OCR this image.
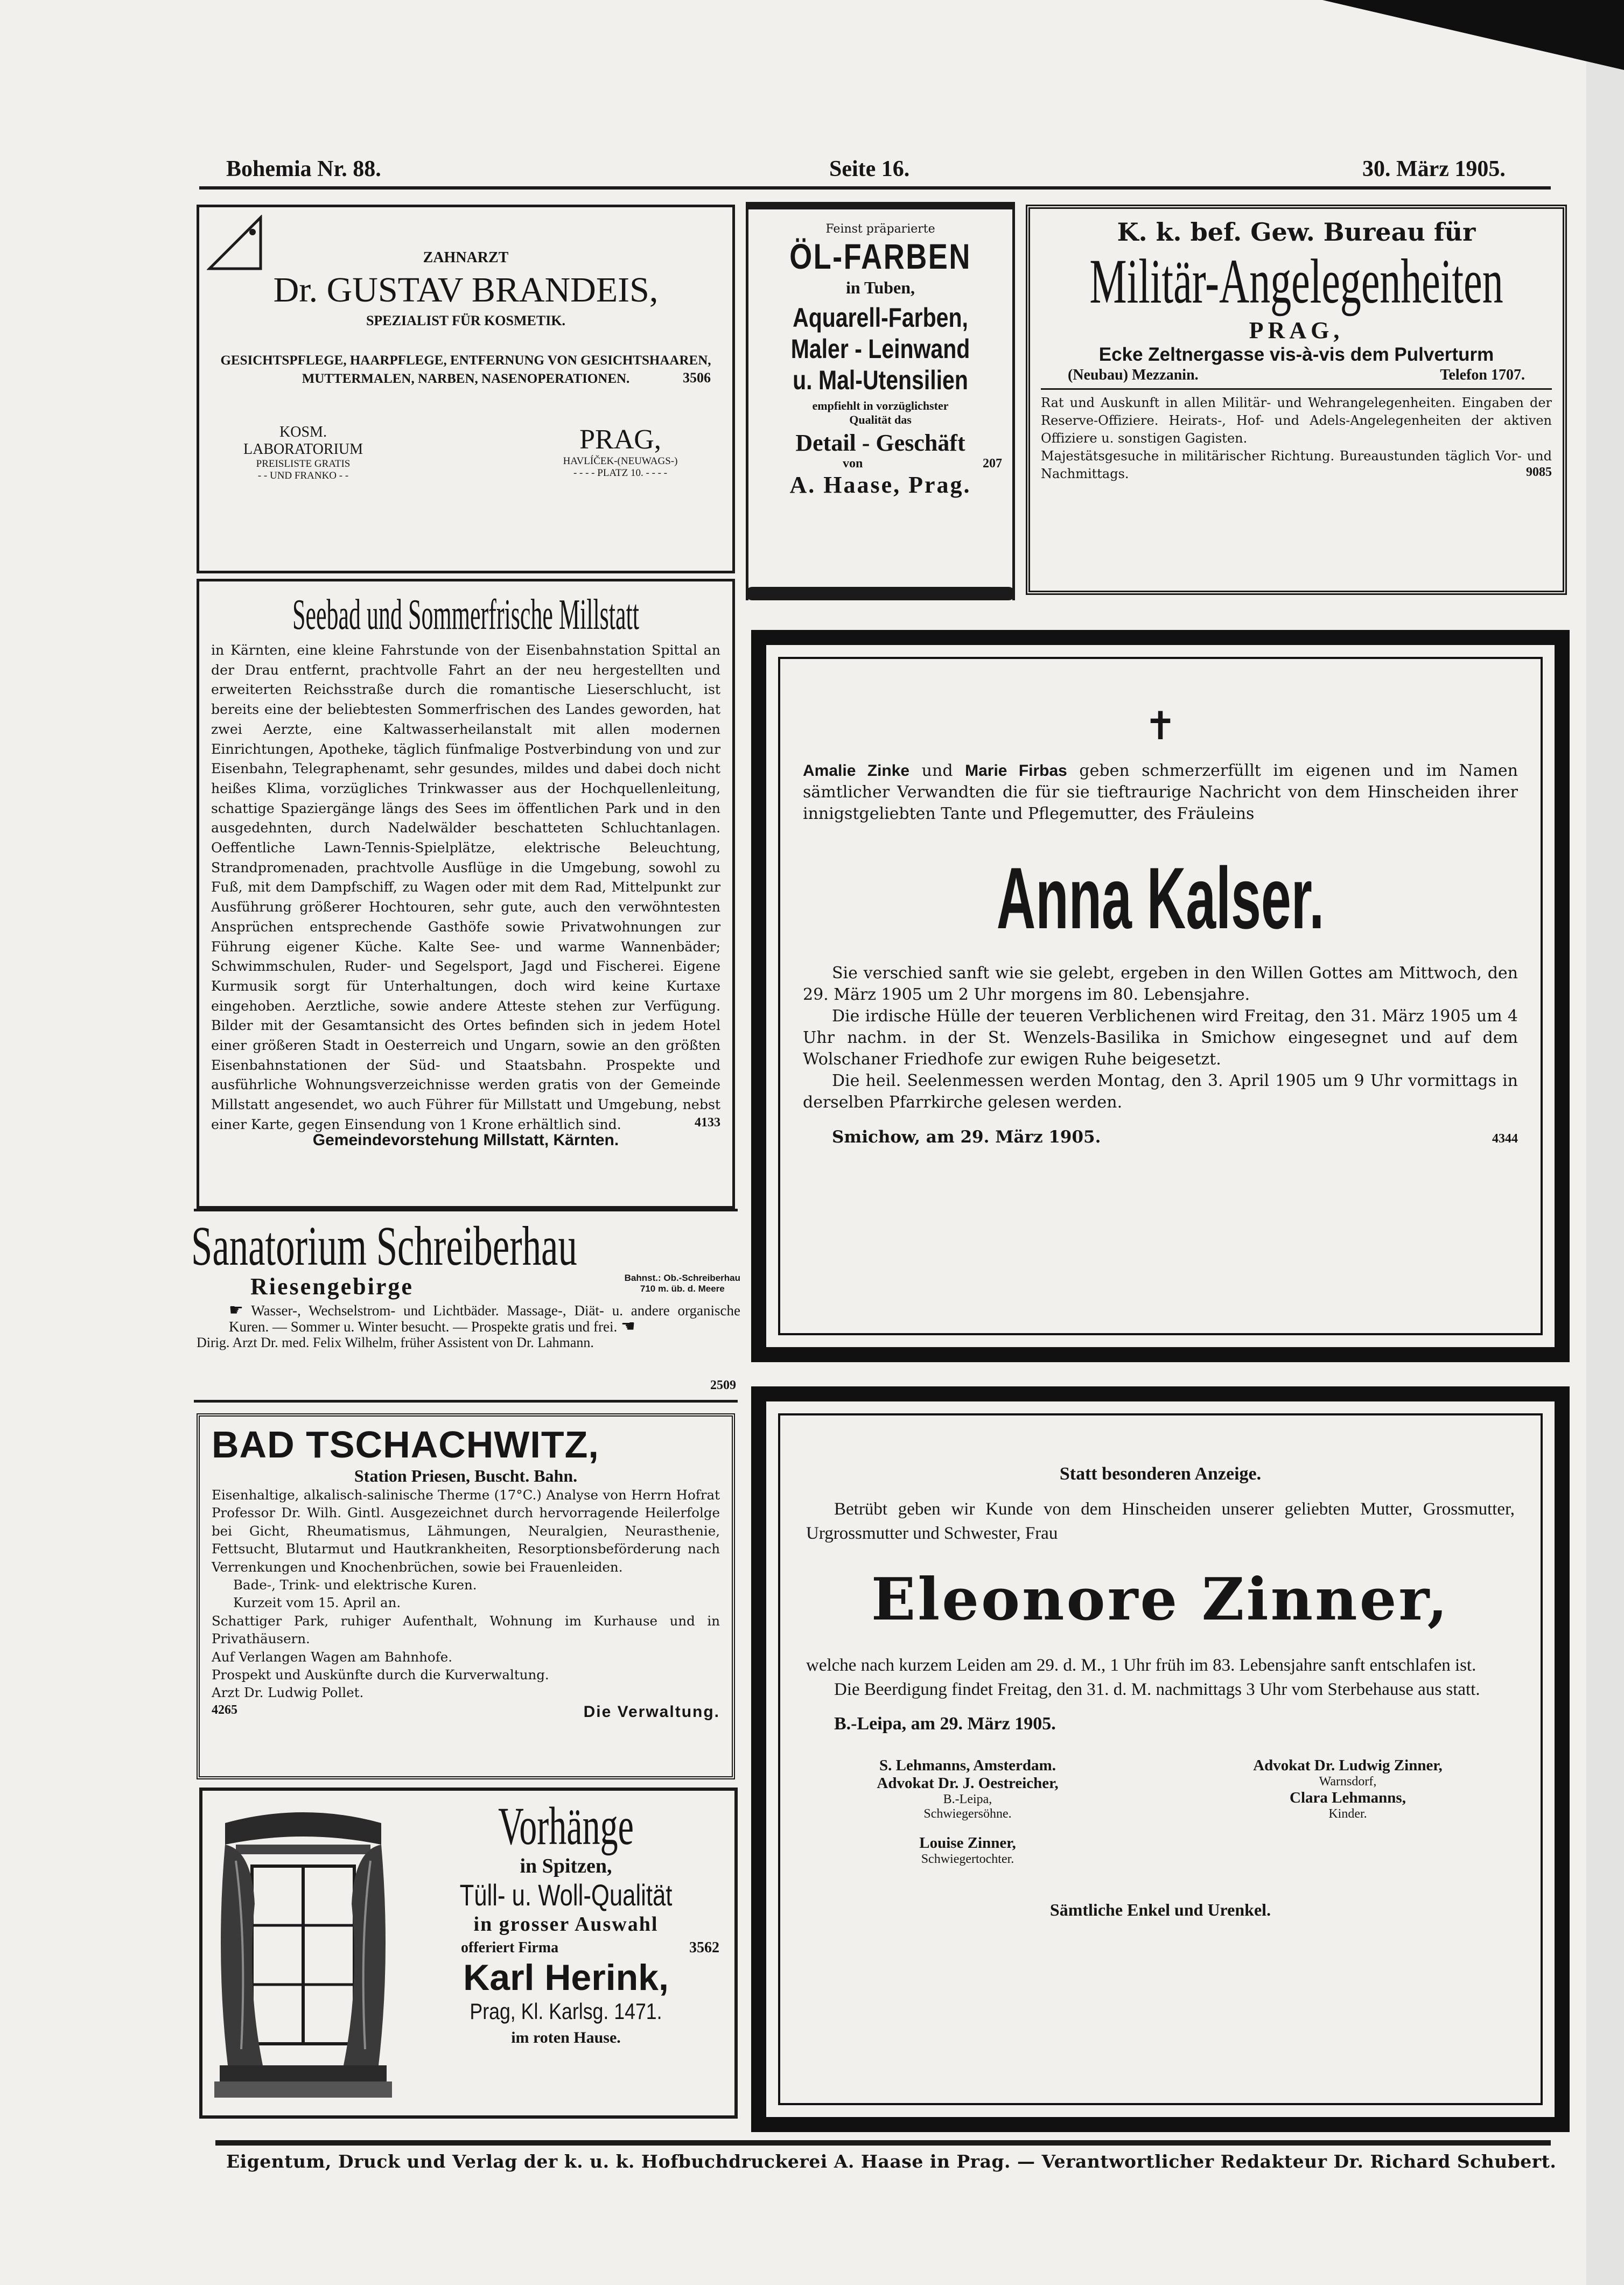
Bohemia Nr. 88.	Seite 16.	30. März 1905.
ZAHNARZT
Dr. GUSTAV BRANDEIS,
SPEZIALIST FÜR KOSMETIK.
GESICHTSPFLEGE, HAARPFLEGE, ENTFERNUNG VON GESICHTSHAAREN, MUTTERMALEN, NARBEN, NASENOPERATIONEN.	3506
KOSM.
LABORATORIUM
PREISLISTE GRATIS
- - UND FRANKO - -
PRAG,
HAVLÍČEK-(NEUWAGS-)
- - - - PLATZ 10. - - - -
Feinst präparierte
ÖL-FARBEN
in Tuben,
Aquarell-Farben,
Maler - Leinwand
u. Mal-Utensilien
empfiehlt in vorzüglichster
Qualität das
Detail - Geschäft
von	207
A. Haase, Prag.
K. k. bef. Gew. Bureau für
Militär-Angelegenheiten
PRAG,
Ecke Zeltnergasse vis-à-vis dem Pulverturm
(Neubau) Mezzanin.	Telefon 1707.
Rat und Auskunft in allen Militär- und Wehrangelegenheiten. Eingaben der Reserve-Offiziere. Heirats-, Hof- und Adels-Angelegenheiten der aktiven Offiziere u. sonstigen Gagisten.
Majestätsgesuche in militärischer Richtung. Bureaustunden täglich Vor- und Nachmittags.	9085
Seebad und Sommerfrische Millstatt
in Kärnten, eine kleine Fahrstunde von der Eisenbahnstation Spittal an der Drau entfernt, prachtvolle Fahrt an der neu hergestellten und erweiterten Reichsstraße durch die romantische Lieserschlucht, ist bereits eine der beliebtesten Sommerfrischen des Landes geworden, hat zwei Aerzte, eine Kaltwasserheilanstalt mit allen modernen Einrichtungen, Apotheke, täglich fünfmalige Postverbindung von und zur Eisenbahn, Telegraphenamt, sehr gesundes, mildes und dabei doch nicht heißes Klima, vorzügliches Trinkwasser aus der Hochquellenleitung, schattige Spaziergänge längs des Sees im öffentlichen Park und in den ausgedehnten, durch Nadelwälder beschatteten Schluchtanlagen. Oeffentliche Lawn-Tennis-Spielplätze, elektrische Beleuchtung, Strandpromenaden, prachtvolle Ausflüge in die Umgebung, sowohl zu Fuß, mit dem Dampfschiff, zu Wagen oder mit dem Rad, Mittelpunkt zur Ausführung größerer Hochtouren, sehr gute, auch den verwöhntesten Ansprüchen entsprechende Gasthöfe sowie Privatwohnungen zur Führung eigener Küche. Kalte See- und warme Wannenbäder; Schwimmschulen, Ruder- und Segelsport, Jagd und Fischerei. Eigene Kurmusik sorgt für Unterhaltungen, doch wird keine Kurtaxe eingehoben. Aerztliche, sowie andere Atteste stehen zur Verfügung. Bilder mit der Gesamtansicht des Ortes befinden sich in jedem Hotel einer größeren Stadt in Oesterreich und Ungarn, sowie an den größten Eisenbahnstationen der Süd- und Staatsbahn. Prospekte und ausführliche Wohnungsverzeichnisse werden gratis von der Gemeinde Millstatt angesendet, wo auch Führer für Millstatt und Umgebung, nebst einer Karte, gegen Einsendung von 1 Krone erhältlich sind.	4133
Gemeindevorstehung Millstatt, Kärnten.
Sanatorium Schreiberhau
Riesengebirge	Bahnst.: Ob.-Schreiberhau
710 m. üb. d. Meere
☛ Wasser-, Wechselstrom- und Lichtbäder. Massage-, Diät- u. andere organische Kuren. — Sommer u. Winter besucht. — Prospekte gratis und frei. ☚
Dirig. Arzt Dr. med. Felix Wilhelm, früher Assistent von Dr. Lahmann.
2509
BAD TSCHACHWITZ,
Station Priesen, Buscht. Bahn.
Eisenhaltige, alkalisch-salinische Therme (17°C.) Analyse von Herrn Hofrat Professor Dr. Wilh. Gintl. Ausgezeichnet durch hervorragende Heilerfolge bei Gicht, Rheumatismus, Lähmungen, Neuralgien, Neurasthenie, Fettsucht, Blutarmut und Hautkrankheiten, Resorptionsbeförderung nach Verrenkungen und Knochenbrüchen, sowie bei Frauenleiden.
Bade-, Trink- und elektrische Kuren.
Kurzeit vom 15. April an.
Schattiger Park, ruhiger Aufenthalt, Wohnung im Kurhause und in Privathäusern.
Auf Verlangen Wagen am Bahnhofe.
Prospekt und Auskünfte durch die Kurverwaltung.
Arzt Dr. Ludwig Pollet.
4265	Die Verwaltung.
Vorhänge
in Spitzen,
Tüll- u. Woll-Qualität
in grosser Auswahl
offeriert Firma	3562
Karl Herink,
Prag, Kl. Karlsg. 1471.
im roten Hause.
✝
Amalie Zinke und Marie Firbas geben schmerzerfüllt im eigenen und im Namen sämtlicher Verwandten die für sie tieftraurige Nachricht von dem Hinscheiden ihrer innigstgeliebten Tante und Pflegemutter, des Fräuleins
Anna Kalser.
Sie verschied sanft wie sie gelebt, ergeben in den Willen Gottes am Mittwoch, den 29. März 1905 um 2 Uhr morgens im 80. Lebensjahre.
Die irdische Hülle der teueren Verblichenen wird Freitag, den 31. März 1905 um 4 Uhr nachm. in der St. Wenzels-Basilika in Smichow eingesegnet und auf dem Wolschaner Friedhofe zur ewigen Ruhe beigesetzt.
Die heil. Seelenmessen werden Montag, den 3. April 1905 um 9 Uhr vormittags in derselben Pfarrkirche gelesen werden.
Smichow, am 29. März 1905.	4344
Statt besonderen Anzeige.
Betrübt geben wir Kunde von dem Hinscheiden unserer geliebten Mutter, Grossmutter, Urgrossmutter und Schwester, Frau
Eleonore Zinner,
welche nach kurzem Leiden am 29. d. M., 1 Uhr früh im 83. Lebensjahre sanft entschlafen ist.
Die Beerdigung findet Freitag, den 31. d. M. nachmittags 3 Uhr vom Sterbehause aus statt.
B.-Leipa, am 29. März 1905.
S. Lehmanns, Amsterdam.
Advokat Dr. J. Oestreicher,
B.-Leipa,
Schwiegersöhne.
Louise Zinner,
Schwiegertochter.
Advokat Dr. Ludwig Zinner,
Warnsdorf,
Clara Lehmanns,
Kinder.
Sämtliche Enkel und Urenkel.
Eigentum, Druck und Verlag der k. u. k. Hofbuchdruckerei A. Haase in Prag. — Verantwortlicher Redakteur Dr. Richard Schubert.
